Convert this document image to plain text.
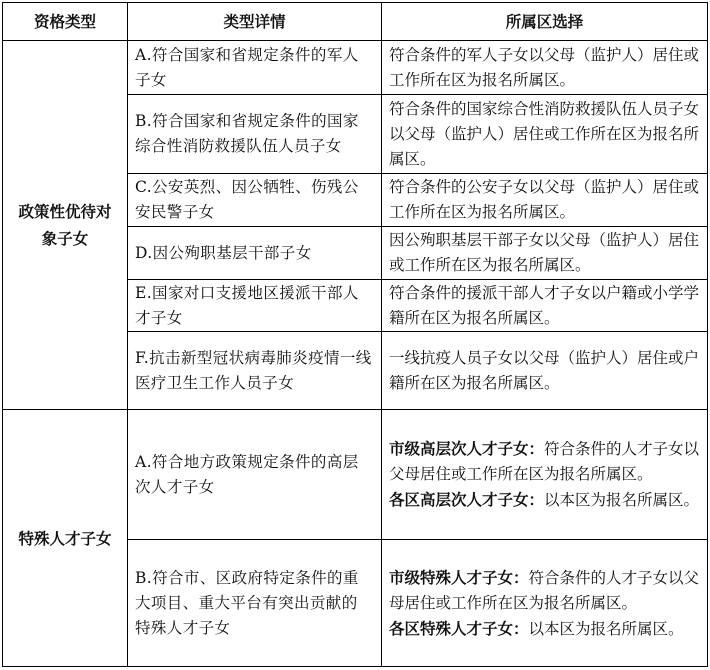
资格类型	类型详情	所属区选择
政策性优待对象子女	A.符合国家和省规定条件的军人子女	符合条件的军人子女以父母（监护人）居住或工作所在区为报名所属区。
	B.符合国家和省规定条件的国家综合性消防救援队伍人员子女	符合条件的国家综合性消防救援队伍人员子女以父母（监护人）居住或工作所在区为报名所属区。
	C.公安英烈、因公牺牲、伤残公安民警子女	符合条件的公安子女以父母（监护人）居住或工作所在区为报名所属区。
	D.因公殉职基层干部子女	因公殉职基层干部子女以父母（监护人）居住或工作所在区为报名所属区。
	E.国家对口支援地区援派干部人才子女	符合条件的援派干部人才子女以户籍或小学学籍所在区为报名所属区。
	F.抗击新型冠状病毒肺炎疫情一线医疗卫生工作人员子女	一线抗疫人员子女以父母（监护人）居住或户籍所在区为报名所属区。
特殊人才子女	A.符合地方政策规定条件的高层次人才子女	市级高层次人才子女：符合条件的人才子女以父母居住或工作所在区为报名所属区。
各区高层次人才子女：以本区为报名所属区。
	B.符合市、区政府特定条件的重大项目、重大平台有突出贡献的特殊人才子女	市级特殊人才子女：符合条件的人才子女以父母居住或工作所在区为报名所属区。
各区特殊人才子女：以本区为报名所属区。
